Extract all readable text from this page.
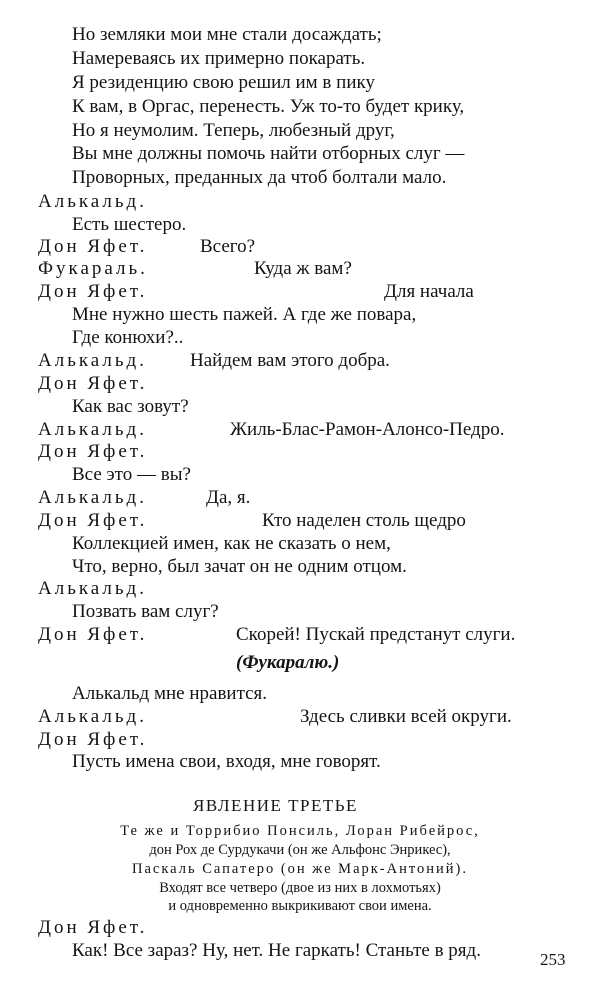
Но земляки мои мне стали досаждать;
Намереваясь их примерно покарать.
Я резиденцию свою решил им в пику
К вам, в Оргас, перенесть. Уж то-то будет крику,
Но я неумолим. Теперь, любезный друг,
Вы мне должны помочь найти отборных слуг —
Проворных, преданных да чтоб болтали мало.
Алькальд.
Есть шестеро.
Дон Яфет.	Всего?
Фукараль.	Куда ж вам?
Дон Яфет.	Для начала
Мне нужно шесть пажей. А где же повара,
Где конюхи?..
Алькальд. Найдем вам этого добра.
Дон Яфет.
Как вас зовут?
Алькальд.	Жиль-Блас-Рамон-Алонсо-Педро.
Дон Яфет.
Все это — вы?
Алькальд.	Да, я.
Дон Яфет.	Кто наделен столь щедро
Коллекцией имен, как не сказать о нем,
Что, верно, был зачат он не одним отцом.
Алькальд.
Позвать вам слуг?
Дон Яфет.	Скорей! Пускай предстанут слуги.
(Фукаралю.)
Алькальд мне нравится.
Алькальд.	Здесь сливки всей округи.
Дон Яфет.
Пусть имена свои, входя, мне говорят.
ЯВЛЕНИЕ ТРЕТЬЕ
Те же и Торрибио Понсиль, Лоран Рибейрос,
дон Рох де Сурдукачи (он же Альфонс Энрикес),
Паскаль Сапатеро (он же Марк-Антоний).
Входят все четверо (двое из них в лохмотьях)
и одновременно выкрикивают свои имена.
Дон Яфет.
Как! Все зараз? Ну, нет. Не гаркать! Станьте в ряд.	253
